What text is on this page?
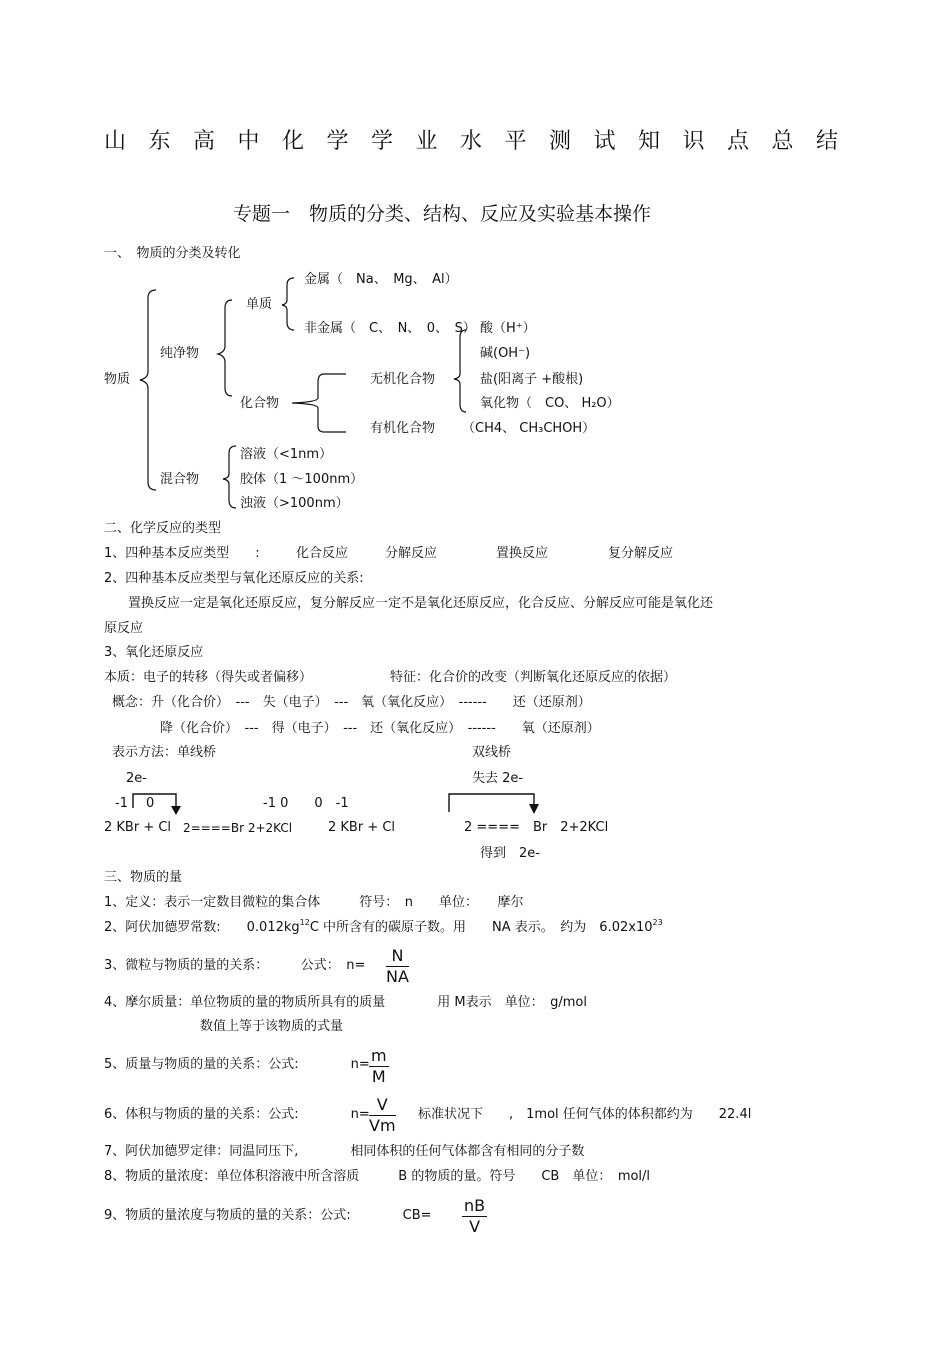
山东高中化学学业水平测试知识点总结
专题一　物质的分类、结构、反应及实验基本操作
一、　物质的分类及转化
物质
纯净物
单质
金属（　Na、　Mg、　Al）
非金属（　C、　N、　0、　S）
化合物
无机化合物
有机化合物 （CH4、 CH₃CHOH）
酸（H⁺）
碱(OH⁻)
盐(阳离子 +酸根)
氧化物（　CO、 H₂O）
混合物
溶液（<1nm）
胶体（1 ～100nm）
浊液（>100nm）
二、化学反应的类型
1、四种基本反应类型　　:	化合反应	分解反应	置换反应	复分解反应
2、四种基本反应类型与氧化还原反应的关系:
置换反应一定是氧化还原反应，复分解反应一定不是氧化还原反应，化合反应、分解反应可能是氧化还
原反应
3、氧化还原反应
本质：电子的转移（得失或者偏移）	特征：化合价的改变（判断氧化还原反应的依据）
概念：升（化合价）　---　失（电子）　---　氧（氧化反应）　------　　还（还原剂）
降（化合价）　---　得（电子）　---　还（氧化反应）　------　　氧（还原剂）
表示方法：单线桥	双线桥
2e-
-1 0
2 KBr + Cl 2====Br 2+2KCl
-1 0　　0　-1
失去 2e-
2 KBr + Cl	2 ====　Br　2+2KCl
得到　2e-
三、物质的量
1、定义：表示一定数目微粒的集合体　　　符号：　n　　单位：　　摩尔
2、阿伏加德罗常数:　　$0.012kg^{12}C$ 中所含有的碳原子数。用　　NA 表示。　约为　$6.02x10^{23}$
3、微粒与物质的量的关系：　　　公式：　$n= \frac{N}{NA}$
4、摩尔质量：单位物质的量的物质所具有的质量　　　　用 M表示　单位：　g/mol
数值上等于该物质的式量
5、质量与物质的量的关系：公式:　　　　$n= \frac{m}{M}$
6、体积与物质的量的关系：公式:　　　　$n= \frac{V}{Vm}$ 标准状况下　　,　1mol 任何气体的体积都约为　　22.4l
7、阿伏加德罗定律：同温同压下,　　　　相同体积的任何气体都含有相同的分子数
8、物质的量浓度：单位体积溶液中所含溶质　　　B 的物质的量。符号　　CB　单位：　mol/l
9、物质的量浓度与物质的量的关系：公式:　　　　$CB= \frac{nB}{V}$
